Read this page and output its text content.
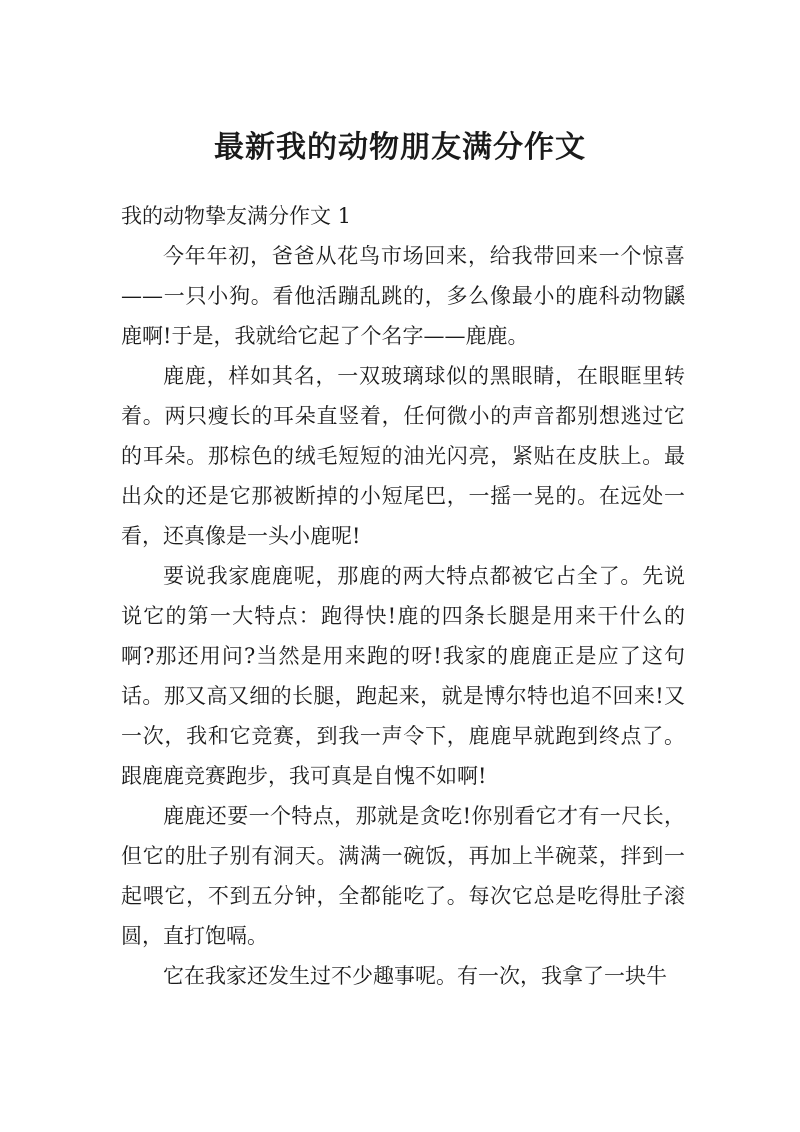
最新我的动物朋友满分作文

我的动物挚友满分作文 1

今年年初，爸爸从花鸟市场回来，给我带回来一个惊喜——一只小狗。看他活蹦乱跳的，多么像最小的鹿科动物鼷鹿啊!于是，我就给它起了个名字——鹿鹿。

鹿鹿，样如其名，一双玻璃球似的黑眼睛，在眼眶里转着。两只瘦长的耳朵直竖着，任何微小的声音都别想逃过它的耳朵。那棕色的绒毛短短的油光闪亮，紧贴在皮肤上。最出众的还是它那被断掉的小短尾巴，一摇一晃的。在远处一看，还真像是一头小鹿呢!

要说我家鹿鹿呢，那鹿的两大特点都被它占全了。先说说它的第一大特点：跑得快!鹿的四条长腿是用来干什么的啊?那还用问?当然是用来跑的呀!我家的鹿鹿正是应了这句话。那又高又细的长腿，跑起来，就是博尔特也追不回来!又一次，我和它竞赛，到我一声令下，鹿鹿早就跑到终点了。跟鹿鹿竞赛跑步，我可真是自愧不如啊!

鹿鹿还要一个特点，那就是贪吃!你别看它才有一尺长，但它的肚子别有洞天。满满一碗饭，再加上半碗菜，拌到一起喂它，不到五分钟，全都能吃了。每次它总是吃得肚子滚圆，直打饱嗝。

它在我家还发生过不少趣事呢。有一次，我拿了一块牛
